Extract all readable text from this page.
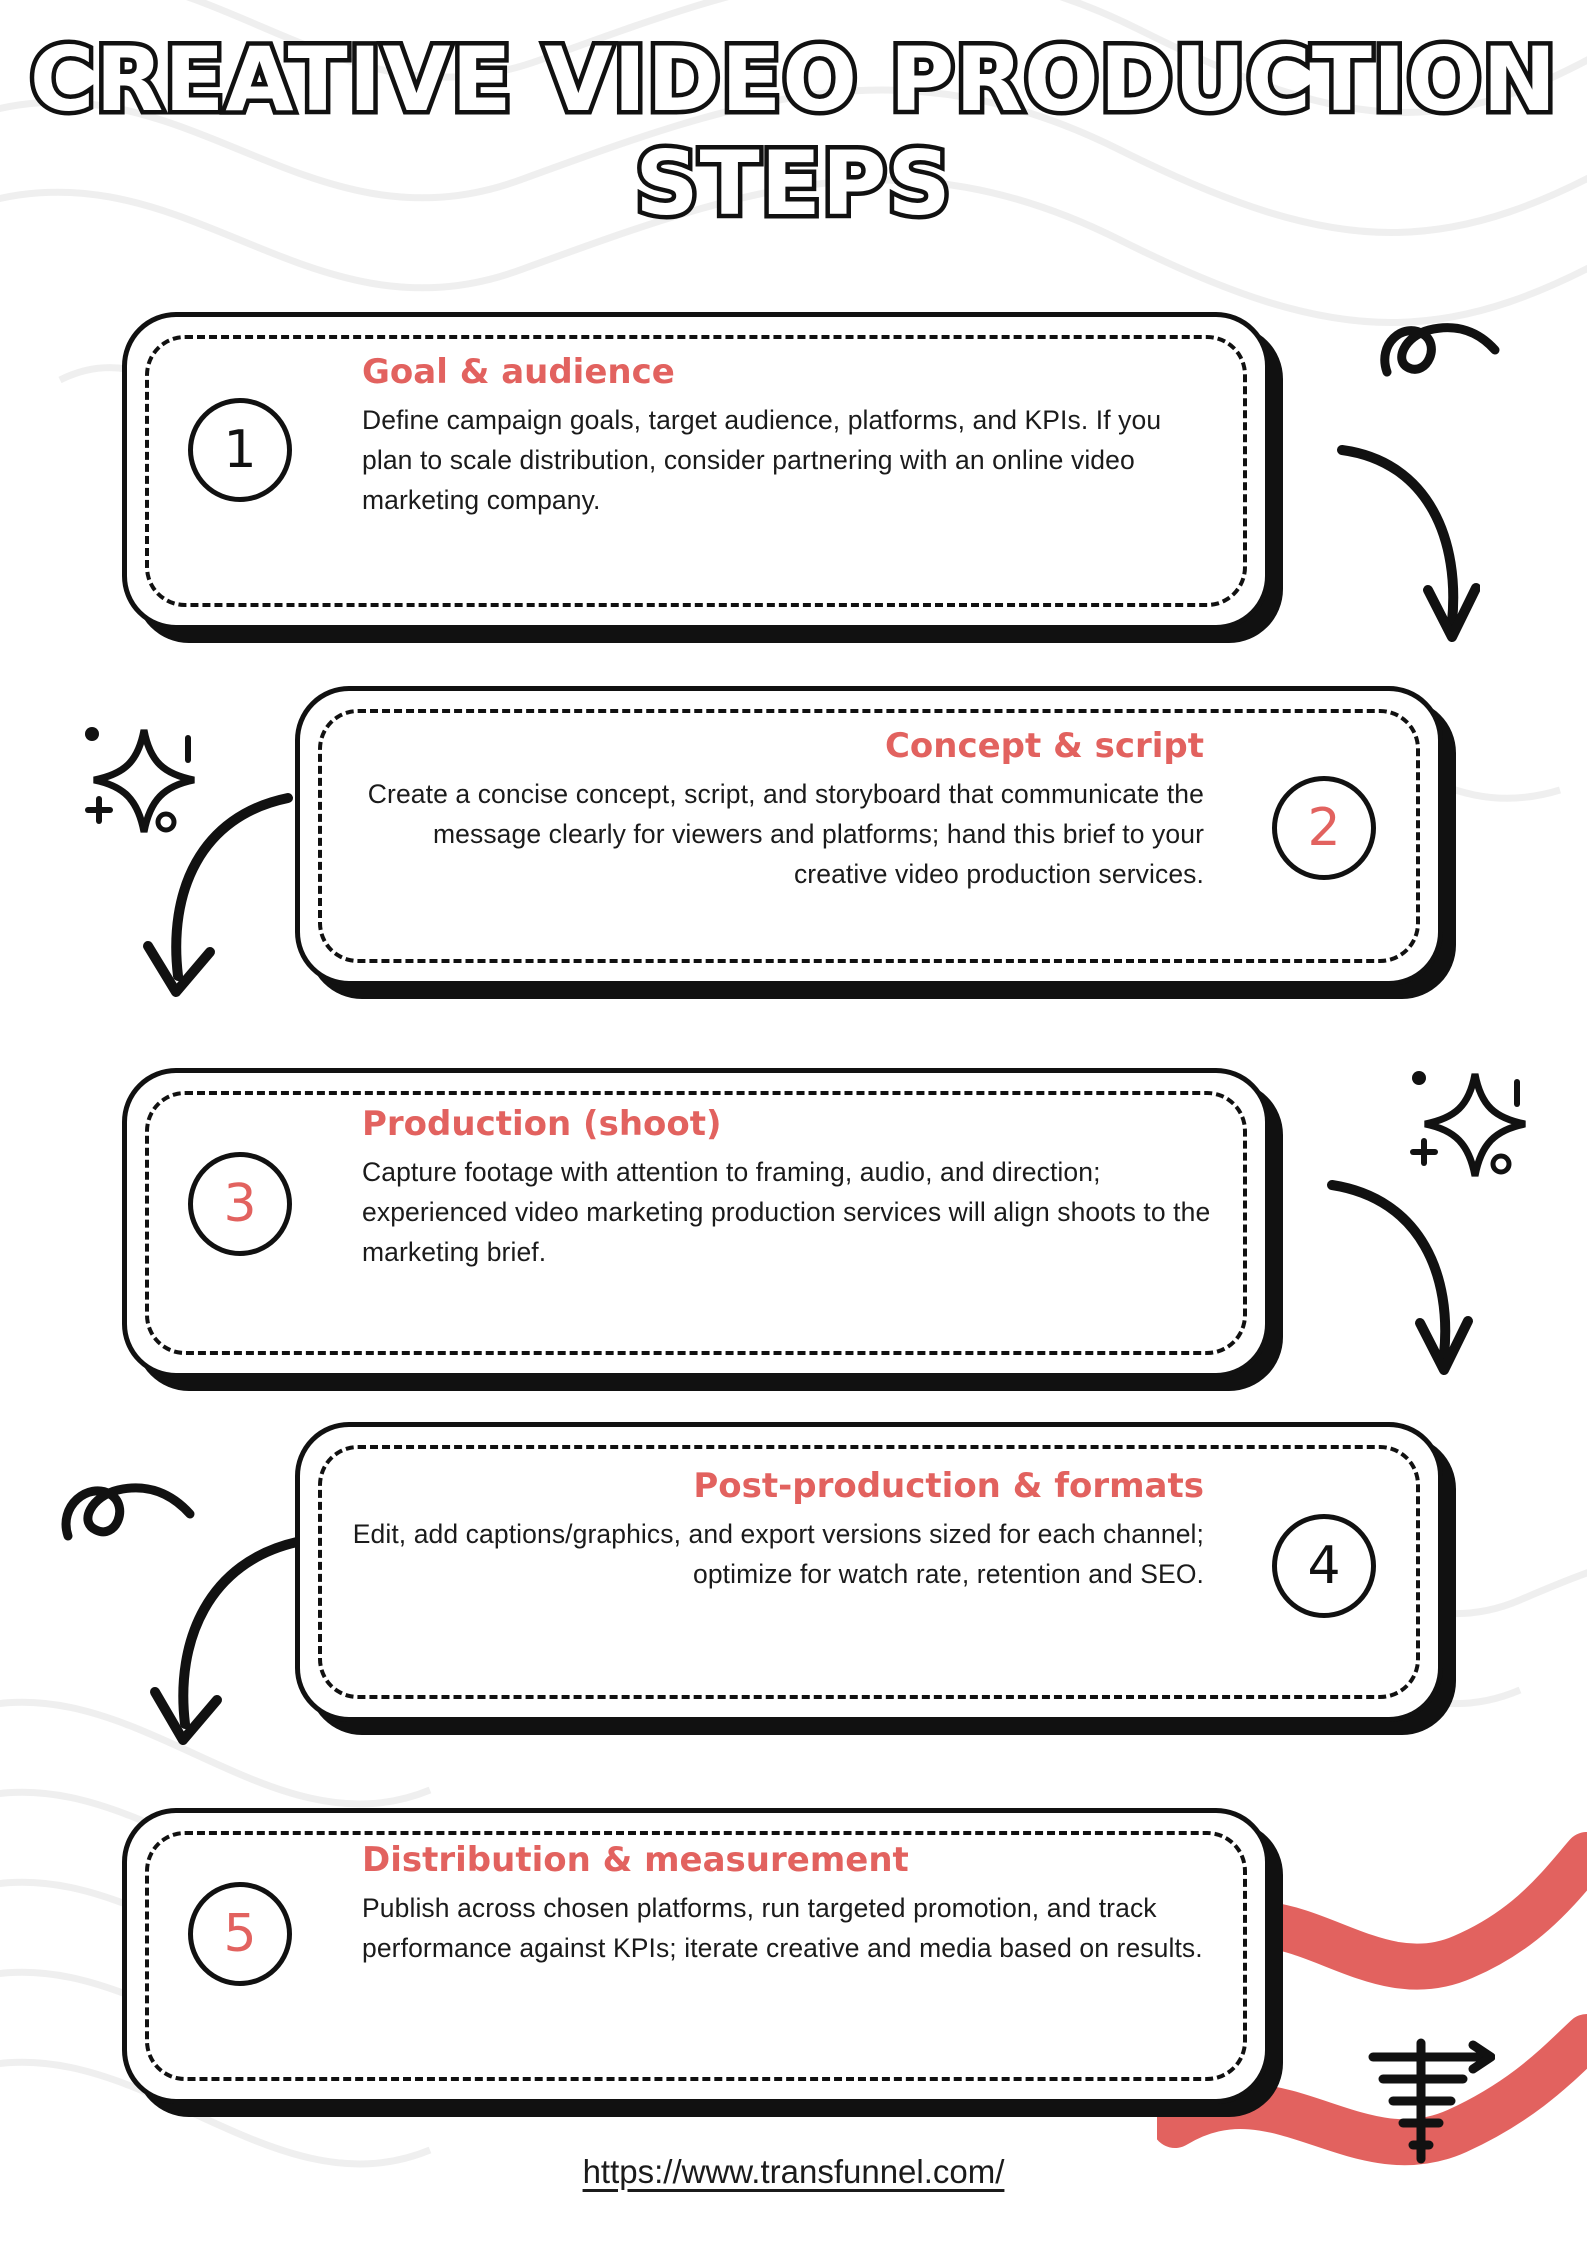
CREATIVE VIDEO PRODUCTION
STEPS
1
Goal & audience
Define campaign goals, target audience, platforms, and KPIs. If you plan to scale distribution, consider partnering with an online video marketing company.
2
Concept & script
Create a concise concept, script, and storyboard that communicate the message clearly for viewers and platforms; hand this brief to your creative video production services.
3
Production (shoot)
Capture footage with attention to framing, audio, and direction; experienced video marketing production services will align shoots to the marketing brief.
4
Post-production & formats
Edit, add captions/graphics, and export versions sized for each channel; optimize for watch rate, retention and SEO.
5
Distribution & measurement
Publish across chosen platforms, run targeted promotion, and track performance against KPIs; iterate creative and media based on results.
https://www.transfunnel.com/
